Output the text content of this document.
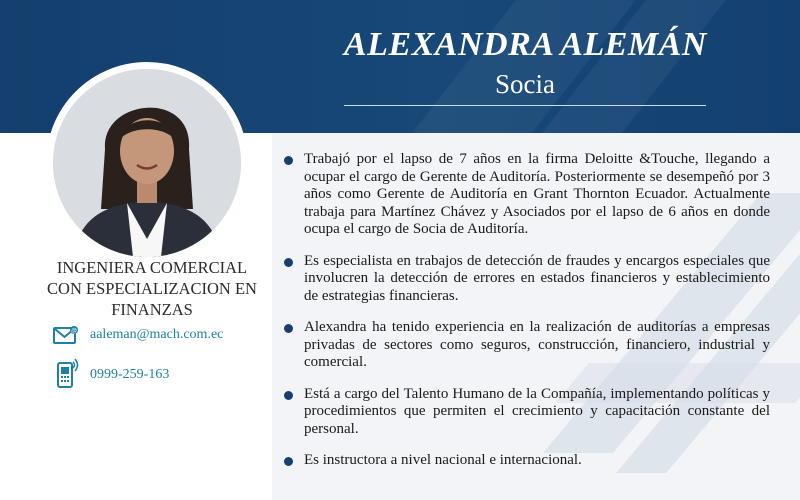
ALEXANDRA ALEMÁN
Socia
INGENIERA COMERCIAL
CON ESPECIALIZACION EN
FINANZAS
@ aaleman@mach.com.ec
0999-259-163
Trabajó por el lapso de 7 años en la firma Deloitte &Touche, llegando a ocupar el cargo de Gerente de Auditoría. Posteriormente se desempeñó por 3 años como Gerente de Auditoría en Grant Thornton Ecuador. Actualmente trabaja para Martínez Chávez y Asociados por el lapso de 6 años en donde ocupa el cargo de Socia de Auditoría.
Es especialista en trabajos de detección de fraudes y encargos especiales que involucren la detección de errores en estados financieros y establecimiento de estrategias financieras.
Alexandra ha tenido experiencia en la realización de auditorías a empresas privadas de sectores como seguros, construcción, financiero, industrial y comercial.
Está a cargo del Talento Humano de la Compañía, implementando políticas y procedimientos que permiten el crecimiento y capacitación constante del personal.
Es instructora a nivel nacional e internacional.
